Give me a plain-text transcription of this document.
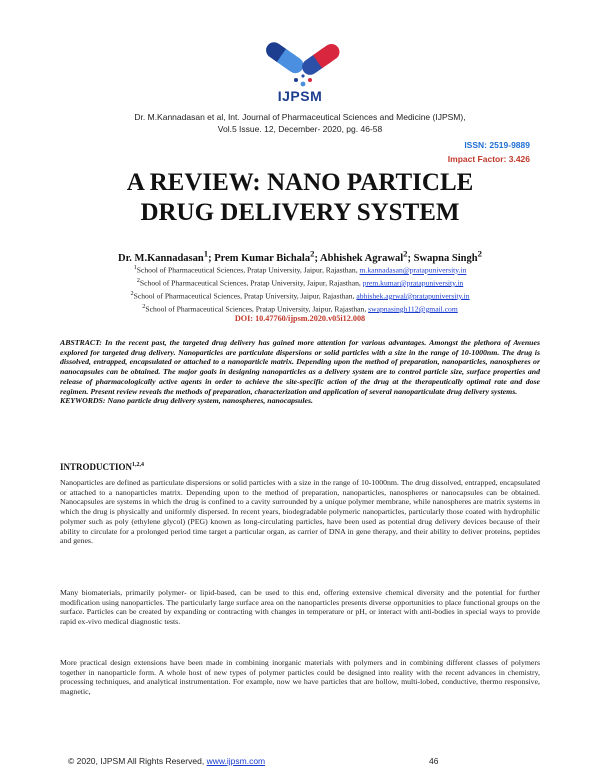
IJPSM
Dr. M.Kannadasan et al, Int. Journal of Pharmaceutical Sciences and Medicine (IJPSM),
Vol.5 Issue. 12, December- 2020, pg. 46-58
ISSN: 2519-9889
Impact Factor: 3.426
A REVIEW: NANO PARTICLE
DRUG DELIVERY SYSTEM
Dr. M.Kannadasan$^1$; Prem Kumar Bichala$^2$; Abhishek Agrawal$^2$; Swapna Singh$^2$
$^1$School of Pharmaceutical Sciences, Pratap University, Jaipur, Rajasthan, m.kannadasan@pratapuniversity.in
$^2$School of Pharmaceutical Sciences, Pratap University, Jaipur, Rajasthan, prem.kumar@pratapuniversity.in
$^2$School of Pharmaceutical Sciences, Pratap University, Jaipur, Rajasthan, abhishek.agrwal@pratapuniversity.in
$^2$School of Pharmaceutical Sciences, Pratap University, Jaipur, Rajasthan, swapnasingh112@gmail.com
DOI: 10.47760/ijpsm.2020.v05i12.008
ABSTRACT: In the recent past, the targeted drug delivery has gained more attention for various advantages. Amongst the plethora of Avenues explored for targeted drug delivery. Nanoparticles are particulate dispersions or solid particles with a size in the range of 10-1000nm. The drug is dissolved, entrapped, encapsulated or attached to a nanoparticle matrix. Depending upon the method of preparation, nanoparticles, nanospheres or nanocapsules can be obtained. The major goals in designing nanoparticles as a delivery system are to control particle size, surface properties and release of pharmacologically active agents in order to achieve the site-specific action of the drug at the therapeutically optimal rate and dose regimen. Present review reveals the methods of preparation, characterization and application of several nanoparticulate drug delivery systems.
KEYWORDS: Nano particle drug delivery system, nanospheres, nanocapsules.
INTRODUCTION$^{1,2,4}$
Nanoparticles are defined as particulate dispersions or solid particles with a size in the range of 10-1000nm. The drug dissolved, entrapped, encapsulated or attached to a nanoparticles matrix. Depending upon to the method of preparation, nanoparticles, nanospheres or nanocapsules can be obtained. Nanocapsules are systems in which the drug is confined to a cavity surrounded by a unique polymer membrane, while nanospheres are matrix systems in which the drug is physically and uniformly dispersed. In recent years, biodegradable polymeric nanoparticles, particularly those coated with hydrophilic polymer such as poly (ethylene glycol) (PEG) known as long-circulating particles, have been used as potential drug delivery devices because of their ability to circulate for a prolonged period time target a particular organ, as carrier of DNA in gene therapy, and their ability to deliver proteins, peptides and genes.
Many biomaterials, primarily polymer- or lipid-based, can be used to this end, offering extensive chemical diversity and the potential for further modification using nanoparticles. The particularly large surface area on the nanoparticles presents diverse opportunities to place functional groups on the surface. Particles can be created by expanding or contracting with changes in temperature or pH, or interact with anti-bodies in special ways to provide rapid ex-vivo medical diagnostic tests.
More practical design extensions have been made in combining inorganic materials with polymers and in combining different classes of polymers together in nanoparticle form. A whole host of new types of polymer particles could be designed into reality with the recent advances in chemistry, processing techniques, and analytical instrumentation. For example, now we have particles that are hollow, multi-lobed, conductive, thermo responsive, magnetic,
© 2020, IJPSM All Rights Reserved, www.ijpsm.com	46
